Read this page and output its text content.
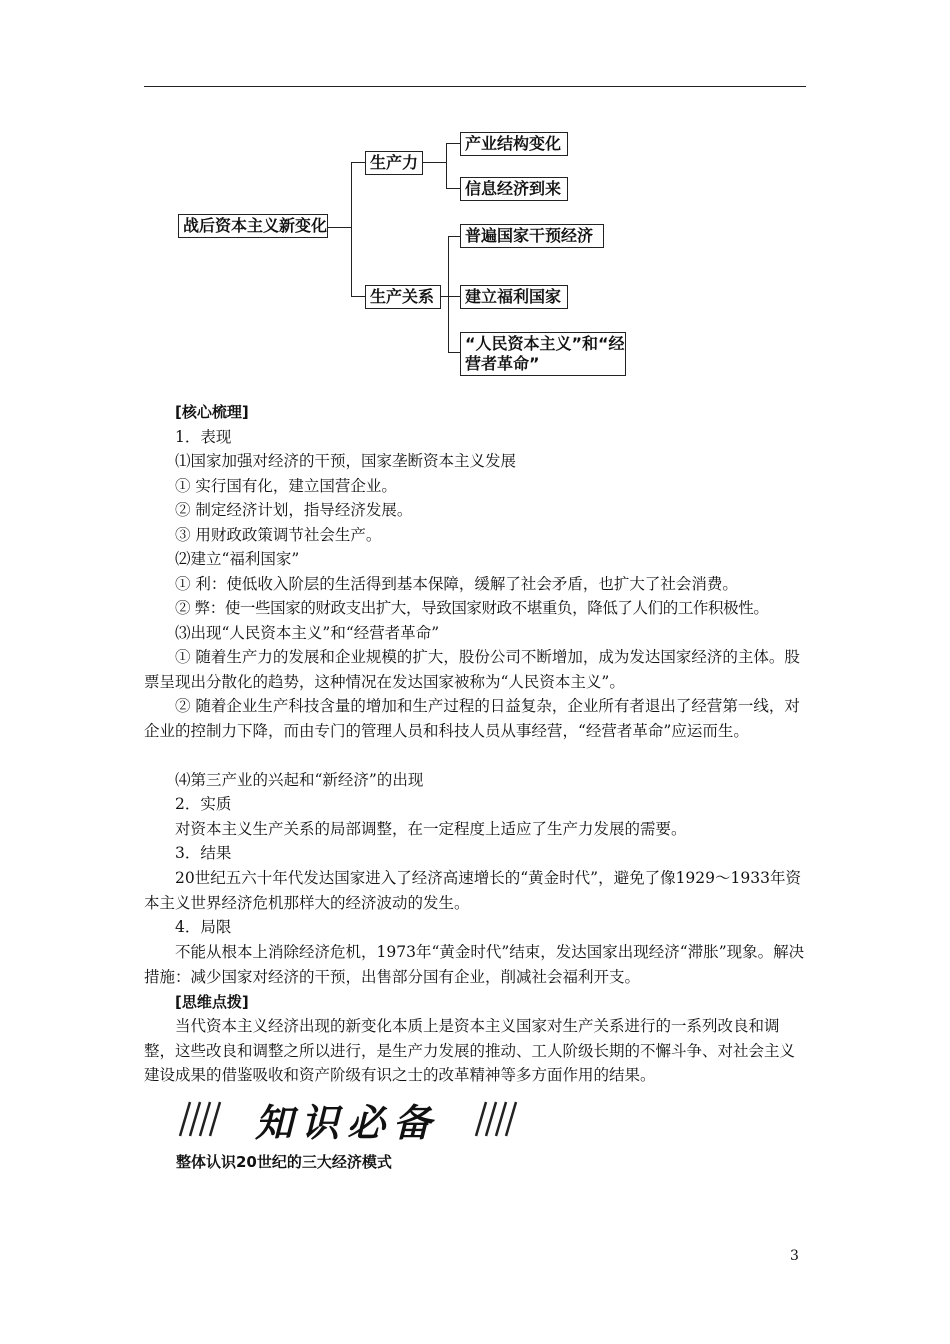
战后资本主义新变化
生产力
产业结构变化
信息经济到来
生产关系
普遍国家干预经济
建立福利国家
“人民资本主义”和“经
营者革命”
[核心梳理]
1．表现
⑴国家加强对经济的干预，国家垄断资本主义发展
① 实行国有化，建立国营企业。
② 制定经济计划，指导经济发展。
③ 用财政政策调节社会生产。
⑵建立“福利国家”
① 利：使低收入阶层的生活得到基本保障，缓解了社会矛盾，也扩大了社会消费。
② 弊：使一些国家的财政支出扩大，导致国家财政不堪重负，降低了人们的工作积极性。
⑶出现“人民资本主义”和“经营者革命”
① 随着生产力的发展和企业规模的扩大，股份公司不断增加，成为发达国家经济的主体。股票呈现出分散化的趋势，这种情况在发达国家被称为“人民资本主义”。
② 随着企业生产科技含量的增加和生产过程的日益复杂，企业所有者退出了经营第一线，对企业的控制力下降，而由专门的管理人员和科技人员从事经营，“经营者革命”应运而生。
⑷第三产业的兴起和“新经济”的出现
2．实质
对资本主义生产关系的局部调整，在一定程度上适应了生产力发展的需要。
3．结果
20世纪五六十年代发达国家进入了经济高速增长的“黄金时代”，避免了像1929～1933年资本主义世界经济危机那样大的经济波动的发生。
4．局限
不能从根本上消除经济危机，1973年“黄金时代”结束，发达国家出现经济“滞胀”现象。解决措施：减少国家对经济的干预，出售部分国有企业，削减社会福利开支。
[思维点拨]
当代资本主义经济出现的新变化本质上是资本主义国家对生产关系进行的一系列改良和调整，这些改良和调整之所以进行，是生产力发展的推动、工人阶级长期的不懈斗争、对社会主义建设成果的借鉴吸收和资产阶级有识之士的改革精神等多方面作用的结果。
知识必备
整体认识20世纪的三大经济模式
3
